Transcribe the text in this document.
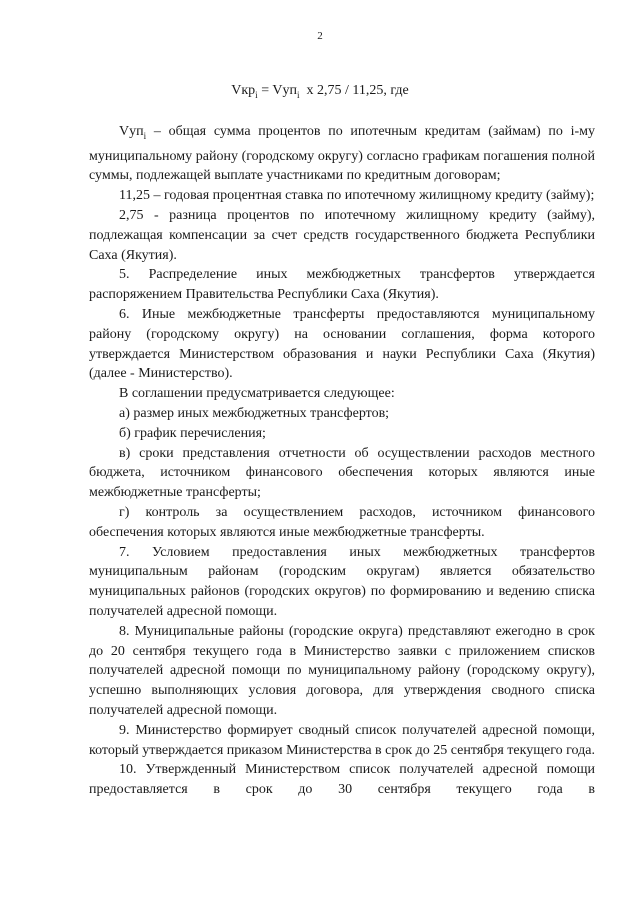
2
Vкр$_i$ = Vуп$_i$  x 2,75 / 11,25, где

Vуп$_i$ – общая сумма процентов по ипотечным кредитам (займам) по i-му муниципальному району (городскому округу) согласно графикам погашения полной суммы, подлежащей выплате участниками по кредитным договорам;

11,25 – годовая процентная ставка по ипотечному жилищному кредиту (займу);

2,75 - разница процентов по ипотечному жилищному кредиту (займу), подлежащая компенсации за счет средств государственного бюджета Республики Саха (Якутия).

5. Распределение иных межбюджетных трансфертов утверждается распоряжением Правительства Республики Саха (Якутия).

6. Иные межбюджетные трансферты предоставляются муниципальному району (городскому округу) на основании соглашения, форма которого утверждается Министерством образования и науки Республики Саха (Якутия) (далее - Министерство).

В соглашении предусматривается следующее:

а) размер иных межбюджетных трансфертов;

б) график перечисления;

в) сроки представления отчетности об осуществлении расходов местного бюджета, источником финансового обеспечения которых являются иные межбюджетные трансферты;

г) контроль за осуществлением расходов, источником финансового обеспечения которых являются иные межбюджетные трансферты.

7. Условием предоставления иных межбюджетных трансфертов муниципальным районам (городским округам) является обязательство муниципальных районов (городских округов) по формированию и ведению списка получателей адресной помощи.

8. Муниципальные районы (городские округа) представляют ежегодно в срок до 20 сентября текущего года в Министерство заявки с приложением списков получателей адресной помощи по муниципальному району (городскому округу), успешно выполняющих условия договора, для утверждения сводного списка получателей адресной помощи.

9. Министерство формирует сводный список получателей адресной помощи, который утверждается приказом Министерства в срок до 25 сентября текущего года.

10. Утвержденный Министерством список получателей адресной помощи предоставляется в срок до 30 сентября текущего года в
